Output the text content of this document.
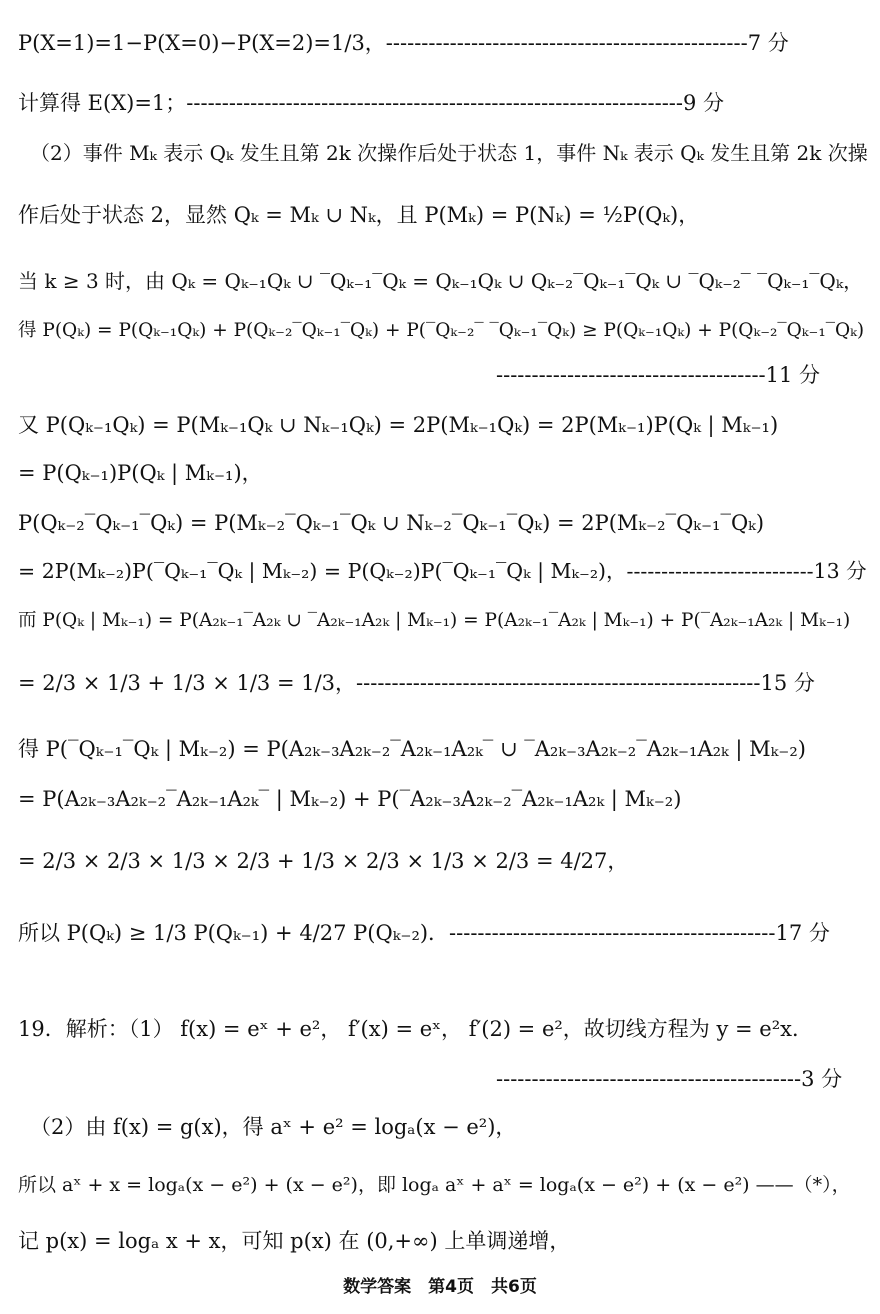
P(X=1)=1−P(X=0)−P(X=2)=1/3，---------------------------------------------------7 分
计算得 E(X)=1；----------------------------------------------------------------------9 分
（2）事件 Mₖ 表示 Qₖ 发生且第 2k 次操作后处于状态 1，事件 Nₖ 表示 Qₖ 发生且第 2k 次操
作后处于状态 2，显然 Qₖ = Mₖ ∪ Nₖ，且 P(Mₖ) = P(Nₖ) = ½P(Qₖ)，
当 k ≥ 3 时，由 Qₖ = Qₖ₋₁Qₖ ∪ ‾Qₖ₋₁‾Qₖ = Qₖ₋₁Qₖ ∪ Qₖ₋₂‾Qₖ₋₁‾Qₖ ∪ ‾Qₖ₋₂‾ ‾Qₖ₋₁‾Qₖ，
得 P(Qₖ) = P(Qₖ₋₁Qₖ) + P(Qₖ₋₂‾Qₖ₋₁‾Qₖ) + P(‾Qₖ₋₂‾ ‾Qₖ₋₁‾Qₖ) ≥ P(Qₖ₋₁Qₖ) + P(Qₖ₋₂‾Qₖ₋₁‾Qₖ)
--------------------------------------11 分
又 P(Qₖ₋₁Qₖ) = P(Mₖ₋₁Qₖ ∪ Nₖ₋₁Qₖ) = 2P(Mₖ₋₁Qₖ) = 2P(Mₖ₋₁)P(Qₖ | Mₖ₋₁)
= P(Qₖ₋₁)P(Qₖ | Mₖ₋₁)，
P(Qₖ₋₂‾Qₖ₋₁‾Qₖ) = P(Mₖ₋₂‾Qₖ₋₁‾Qₖ ∪ Nₖ₋₂‾Qₖ₋₁‾Qₖ) = 2P(Mₖ₋₂‾Qₖ₋₁‾Qₖ)
= 2P(Mₖ₋₂)P(‾Qₖ₋₁‾Qₖ | Mₖ₋₂) = P(Qₖ₋₂)P(‾Qₖ₋₁‾Qₖ | Mₖ₋₂)，---------------------------13 分
而 P(Qₖ | Mₖ₋₁) = P(A₂ₖ₋₁‾A₂ₖ ∪ ‾A₂ₖ₋₁A₂ₖ | Mₖ₋₁) = P(A₂ₖ₋₁‾A₂ₖ | Mₖ₋₁) + P(‾A₂ₖ₋₁A₂ₖ | Mₖ₋₁)
= 2/3 × 1/3 + 1/3 × 1/3 = 1/3，---------------------------------------------------------15 分
得 P(‾Qₖ₋₁‾Qₖ | Mₖ₋₂) = P(A₂ₖ₋₃A₂ₖ₋₂‾A₂ₖ₋₁A₂ₖ‾ ∪ ‾A₂ₖ₋₃A₂ₖ₋₂‾A₂ₖ₋₁A₂ₖ | Mₖ₋₂)
= P(A₂ₖ₋₃A₂ₖ₋₂‾A₂ₖ₋₁A₂ₖ‾ | Mₖ₋₂) + P(‾A₂ₖ₋₃A₂ₖ₋₂‾A₂ₖ₋₁A₂ₖ | Mₖ₋₂)
= 2/3 × 2/3 × 1/3 × 2/3 + 1/3 × 2/3 × 1/3 × 2/3 = 4/27，
所以 P(Qₖ) ≥ 1/3 P(Qₖ₋₁) + 4/27 P(Qₖ₋₂)．----------------------------------------------17 分
19．解析：（1） f(x) = eˣ + e²， f′(x) = eˣ， f′(2) = e²，故切线方程为 y = e²x．
-------------------------------------------3 分
（2）由 f(x) = g(x)，得 aˣ + e² = logₐ(x − e²)，
所以 aˣ + x = logₐ(x − e²) + (x − e²)，即 logₐ aˣ + aˣ = logₐ(x − e²) + (x − e²) ——（*），
记 p(x) = logₐ x + x，可知 p(x) 在 (0,+∞) 上单调递增，
数学答案　第4页　共6页
